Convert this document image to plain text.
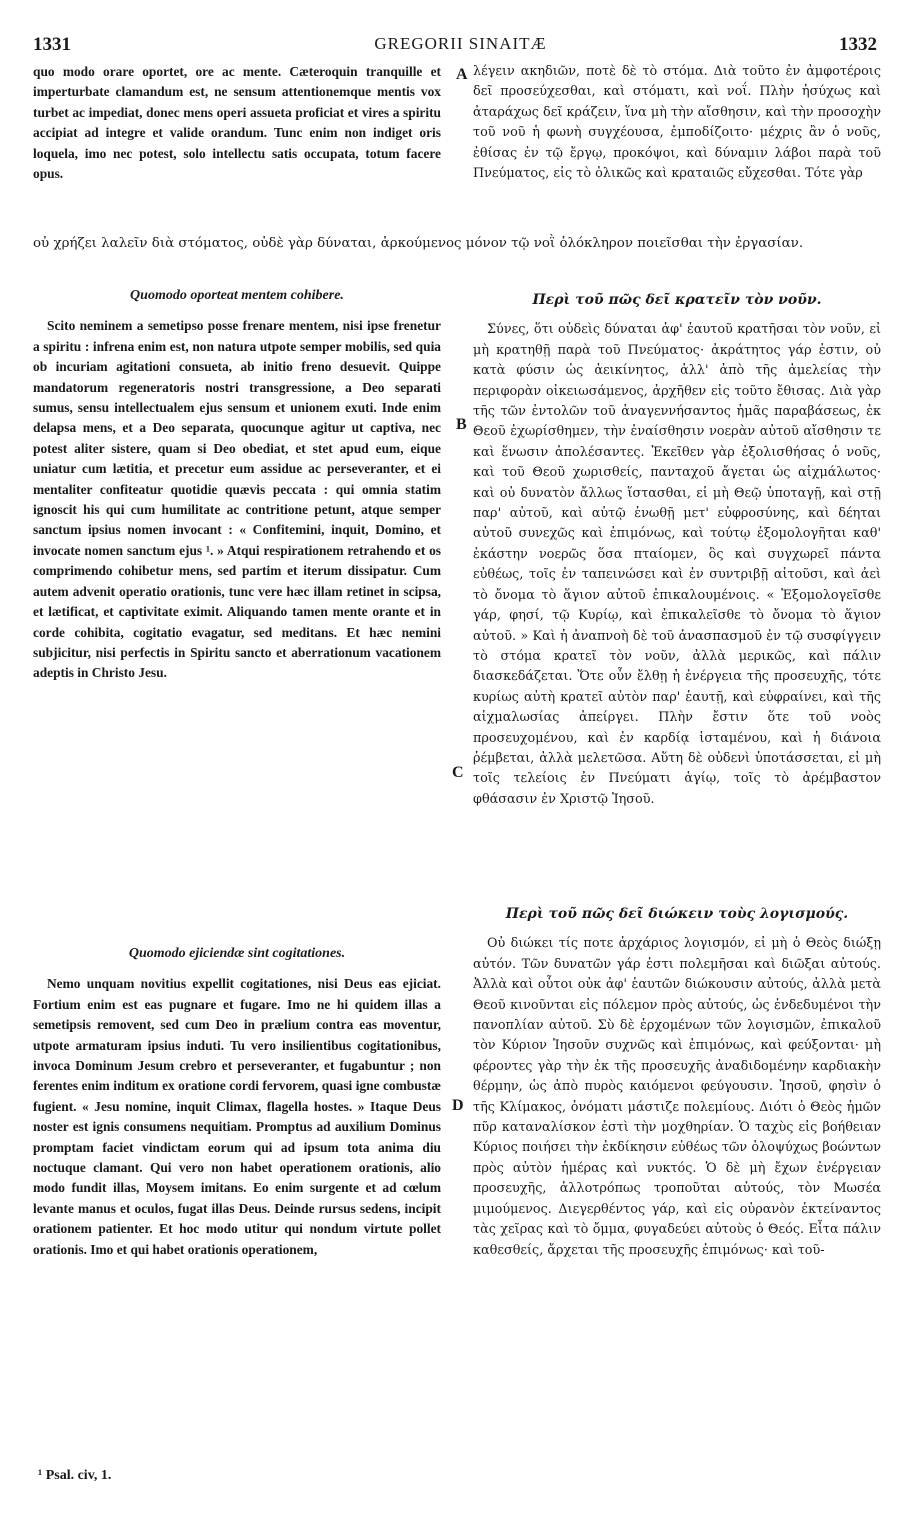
1331	GREGORII SINAITÆ	1332
A
B
C
D

quo modo orare oportet, ore ac mente. Cæteroquin tranquille et imperturbate clamandum est, ne sensum attentionemque mentis vox turbet ac impediat, donec mens operi assueta proficiat et vires a spiritu accipiat ad integre et valide orandum. Tunc enim non indiget oris loquela, imo nec potest, solo intellectu satis occupata, totum facere opus.

λέγειν ακηδιῶν, ποτὲ δὲ τὸ στόμα. Διὰ τοῦτο ἐν ἀμφοτέροις δεῖ προσεύχεσθαι, καὶ στόματι, καὶ νοΐ. Πλὴν ἡσύχως καὶ ἀταράχως δεῖ κράζειν, ἵνα μὴ τὴν αἴσθησιν, καὶ τὴν προσοχὴν τοῦ νοῦ ἡ φωνὴ συγχέουσα, ἐμποδίζοιτο· μέχρις ἂν ὁ νοῦς, ἐθίσας ἐν τῷ ἔργῳ, προκόψοι, καὶ δύναμιν λάβοι παρὰ τοῦ Πνεύματος, εἰς τὸ ὁλικῶς καὶ κραταιῶς εὔχεσθαι. Τότε γὰρ

οὐ χρήζει λαλεῖν διὰ στόματος, οὐδὲ γὰρ δύναται, ἀρκούμενος μόνον τῷ νοῒ ὁλόκληρον ποιεῖσθαι τὴν ἐργασίαν.

Quomodo oporteat mentem cohibere.

Scito neminem a semetipso posse frenare mentem, nisi ipse frenetur a spiritu : infrena enim est, non natura utpote semper mobilis, sed quia ob incuriam agitationi consueta, ab initio freno desuevit. Quippe mandatorum regeneratoris nostri transgressione, a Deo separati sumus, sensu intellectualem ejus sensum et unionem exuti. Inde enim delapsa mens, et a Deo separata, quocunque agitur ut captiva, nec potest aliter sistere, quam si Deo obediat, et stet apud eum, eique uniatur cum lætitia, et precetur eum assidue ac perseveranter, et ei mentaliter confiteatur quotidie quævis peccata : qui omnia statim ignoscit his qui cum humilitate ac contritione petunt, atque semper sanctum ipsius nomen invocant : « Confitemini, inquit, Domino, et invocate nomen sanctum ejus ¹. » Atqui respirationem retrahendo et os comprimendo cohibetur mens, sed partim et iterum dissipatur. Cum autem advenit operatio orationis, tunc vere hæc illam retinet in scipsa, et lætificat, et captivitate eximit. Aliquando tamen mente orante et in corde cohibita, cogitatio evagatur, sed meditans. Et hæc nemini subjicitur, nisi perfectis in Spiritu sancto et aberrationum vacationem adeptis in Christo Jesu.

Περὶ τοῦ πῶς δεῖ κρατεῖν τὸν νοῦν.

Σύνες, ὅτι οὐδεὶς δύναται ἀφ' ἑαυτοῦ κρατῆσαι τὸν νοῦν, εἰ μὴ κρατηθῇ παρὰ τοῦ Πνεύματος· ἀκράτητος γάρ ἐστιν, οὐ κατὰ φύσιν ὡς ἀεικίνητος, ἀλλ' ἀπὸ τῆς ἀμελείας τὴν περιφορὰν οἰκειωσάμενος, ἀρχῆθεν εἰς τοῦτο ἔθισας. Διὰ γὰρ τῆς τῶν ἐντολῶν τοῦ ἀναγεννήσαντος ἡμᾶς παραβάσεως, ἐκ Θεοῦ ἐχωρίσθημεν, τὴν ἐναίσθησιν νοερὰν αὐτοῦ αἴσθησιν τε καὶ ἕνωσιν ἀπολέσαντες. Ἐκεῖθεν γὰρ ἐξολισθήσας ὁ νοῦς, καὶ τοῦ Θεοῦ χωρισθείς, πανταχοῦ ἄγεται ὡς αἰχμάλωτος· καὶ οὐ δυνατὸν ἄλλως ἵστασθαι, εἰ μὴ Θεῷ ὑποταγῇ, καὶ στῇ παρ' αὐτοῦ, καὶ αὐτῷ ἑνωθῇ μετ' εὐφροσύνης, καὶ δέηται αὐτοῦ συνεχῶς καὶ ἐπιμόνως, καὶ τούτῳ ἐξομολογῆται καθ' ἑκάστην νοερῶς ὅσα πταίομεν, ὃς καὶ συγχωρεῖ πάντα εὐθέως, τοῖς ἐν ταπεινώσει καὶ ἐν συντριβῇ αἰτοῦσι, καὶ ἀεὶ τὸ ὄνομα τὸ ἅγιον αὐτοῦ ἐπικαλουμένοις. « Ἐξομολογεῖσθε γάρ, φησί, τῷ Κυρίῳ, καὶ ἐπικαλεῖσθε τὸ ὄνομα τὸ ἅγιον αὐτοῦ. » Καὶ ἡ ἀναπνοὴ δὲ τοῦ ἀνασπασμοῦ ἐν τῷ συσφίγγειν τὸ στόμα κρατεῖ τὸν νοῦν, ἀλλὰ μερικῶς, καὶ πάλιν διασκεδάζεται. Ὅτε οὖν ἔλθῃ ἡ ἐνέργεια τῆς προσευχῆς, τότε κυρίως αὐτὴ κρατεῖ αὐτὸν παρ' ἑαυτῇ, καὶ εὐφραίνει, καὶ τῆς αἰχμαλωσίας ἀπείργει. Πλὴν ἔστιν ὅτε τοῦ νοὸς προσευχομένου, καὶ ἐν καρδίᾳ ἱσταμένου, καὶ ἡ διάνοια ῥέμβεται, ἀλλὰ μελετῶσα. Αὕτη δὲ οὐδενὶ ὑποτάσσεται, εἰ μὴ τοῖς τελείοις ἐν Πνεύματι ἁγίῳ, τοῖς τὸ ἀρέμβαστον φθάσασιν ἐν Χριστῷ Ἰησοῦ.

Quomodo ejiciendæ sint cogitationes.

Nemo unquam novitius expellit cogitationes, nisi Deus eas ejiciat. Fortium enim est eas pugnare et fugare. Imo ne hi quidem illas a semetipsis removent, sed cum Deo in prælium contra eas moventur, utpote armaturam ipsius induti. Tu vero insilientibus cogitationibus, invoca Dominum Jesum crebro et perseveranter, et fugabuntur ; non ferentes enim inditum ex oratione cordi fervorem, quasi igne combustæ fugient. « Jesu nomine, inquit Climax, flagella hostes. » Itaque Deus noster est ignis consumens nequitiam. Promptus ad auxilium Dominus promptam faciet vindictam eorum qui ad ipsum tota anima diu noctuque clamant. Qui vero non habet operationem orationis, alio modo fundit illas, Moysem imitans. Eo enim surgente et ad cœlum levante manus et oculos, fugat illas Deus. Deinde rursus sedens, incipit orationem patienter. Et hoc modo utitur qui nondum virtute pollet orationis. Imo et qui habet orationis operationem,

Περὶ τοῦ πῶς δεῖ διώκειν τοὺς λογισμούς.

Οὐ διώκει τίς ποτε ἀρχάριος λογισμόν, εἰ μὴ ὁ Θεὸς διώξῃ αὐτόν. Τῶν δυνατῶν γάρ ἐστι πολεμῆσαι καὶ διῶξαι αὐτούς. Ἀλλὰ καὶ οὗτοι οὐκ ἀφ' ἑαυτῶν διώκουσιν αὐτούς, ἀλλὰ μετὰ Θεοῦ κινοῦνται εἰς πόλεμον πρὸς αὐτούς, ὡς ἐνδεδυμένοι τὴν πανοπλίαν αὐτοῦ. Σὺ δὲ ἐρχομένων τῶν λογισμῶν, ἐπικαλοῦ τὸν Κύριον Ἰησοῦν συχνῶς καὶ ἐπιμόνως, καὶ φεύξονται· μὴ φέροντες γὰρ τὴν ἐκ τῆς προσευχῆς ἀναδιδομένην καρδιακὴν θέρμην, ὡς ἀπὸ πυρὸς καιόμενοι φεύγουσιν. Ἰησοῦ, φησὶν ὁ τῆς Κλίμακος, ὀνόματι μάστιζε πολεμίους. Διότι ὁ Θεὸς ἡμῶν πῦρ καταναλίσκον ἐστὶ τὴν μοχθηρίαν. Ὁ ταχὺς εἰς βοήθειαν Κύριος ποιήσει τὴν ἐκδίκησιν εὐθέως τῶν ὁλοψύχως βοώντων πρὸς αὐτὸν ἡμέρας καὶ νυκτός. Ὁ δὲ μὴ ἔχων ἐνέργειαν προσευχῆς, ἀλλοτρόπως τροποῦται αὐτούς, τὸν Μωσέα μιμούμενος. Διεγερθέντος γάρ, καὶ εἰς οὐρανὸν ἐκτείναντος τὰς χεῖρας καὶ τὸ ὄμμα, φυγαδεύει αὐτοὺς ὁ Θεός. Εἶτα πάλιν καθεσθείς, ἄρχεται τῆς προσευχῆς ἐπιμόνως· καὶ τοῦ-

¹ Psal. civ, 1.
